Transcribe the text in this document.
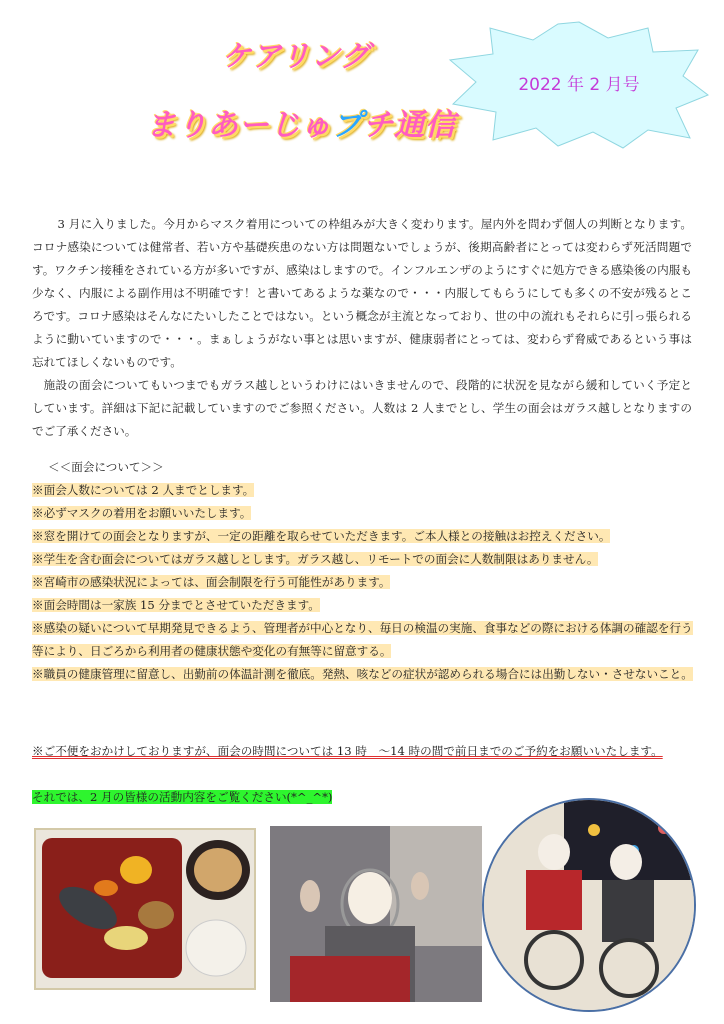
ケアリング
まりあーじゅプチ通信
2022 年 2 月号

3 月に入りました。今月からマスク着用についての枠組みが大きく変わります。屋内外を問わず個人の判断となります。コロナ感染については健常者、若い方や基礎疾患のない方は問題ないでしょうが、後期高齢者にとっては変わらず死活問題です。ワクチン接種をされている方が多いですが、感染はしますので。インフルエンザのようにすぐに処方できる感染後の内服も少なく、内服による副作用は不明確です！と書いてあるような薬なので・・・内服してもらうにしても多くの不安が残るところです。コロナ感染はそんなにたいしたことではない。という概念が主流となっており、世の中の流れもそれらに引っ張られるように動いていますので・・・。まぁしょうがない事とは思いますが、健康弱者にとっては、変わらず脅威であるという事は忘れてほしくないものです。

施設の面会についてもいつまでもガラス越しというわけにはいきませんので、段階的に状況を見ながら緩和していく予定としています。詳細は下記に記載していますのでご参照ください。人数は 2 人までとし、学生の面会はガラス越しとなりますのでご了承ください。

＜＜面会について＞＞
※面会人数については 2 人までとします。
※必ずマスクの着用をお願いいたします。
※窓を開けての面会となりますが、一定の距離を取らせていただきます。ご本人様との接触はお控えください。
※学生を含む面会についてはガラス越しとします。ガラス越し、リモートでの面会に人数制限はありません。
※宮崎市の感染状況によっては、面会制限を行う可能性があります。
※面会時間は一家族 15 分までとさせていただきます。
※感染の疑いについて早期発見できるよう、管理者が中心となり、毎日の検温の実施、食事などの際における体調の確認を行う等により、日ごろから利用者の健康状態や変化の有無等に留意する。
※職員の健康管理に留意し、出勤前の体温計測を徹底。発熱、咳などの症状が認められる場合には出勤しない・させないこと。
※ご不便をおかけしておりますが、面会の時間については 13 時　～14 時の間で前日までのご予約をお願いいたします。
それでは、2 月の皆様の活動内容をご覧ください(*^_^*)
